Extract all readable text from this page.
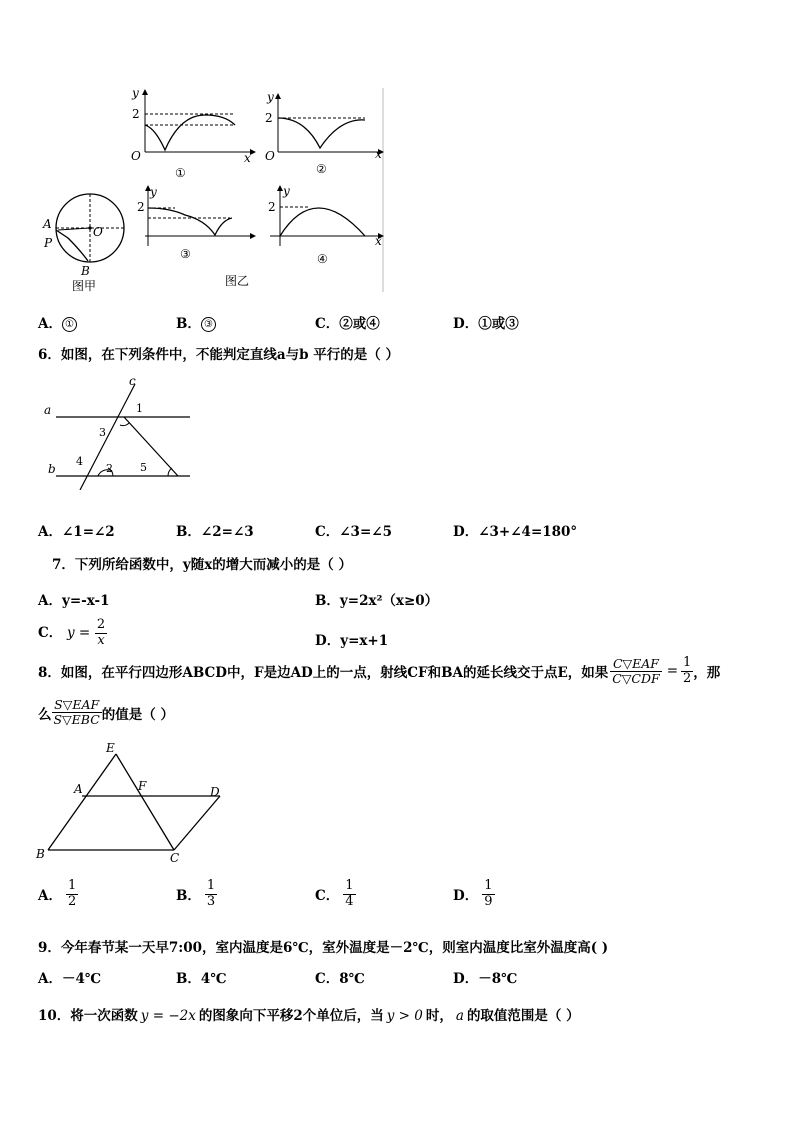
y
2
O	x
①
y
2
O	x
②
A
P
O
B
图甲
y
2
③
y
2
x
④
图乙
A． ①	B． ③	C．②或④	D．①或③
6．如图，在下列条件中，不能判定直线a与b 平行的是（ ）
c
a
b
1
2
3
4	5
A．∠1=∠2	B．∠2=∠3	C．∠3=∠5	D．∠3+∠4=180°
7．下列所给函数中，y随x的增大而减小的是（ ）
A．y=-x-1	B．y=2x²（x≥0）
C． $y = \frac{2}{x}$	D．y=x+1
8．如图，在平行四边形ABCD中，F是边AD上的一点，射线CF和BA的延长线交于点E，如果 $\frac{\text{C▽EAF}}{\text{C▽CDF}} = \frac{1}{2}$ ，那
么 $\frac{\text{S▽EAF}}{\text{S▽EBC}}$ 的值是（ ）
E
A	F	D
B	C
A． $\frac{1}{2}$	B． $\frac{1}{3}$	C． $\frac{1}{4}$	D． $\frac{1}{9}$
9．今年春节某一天早7:00，室内温度是6℃，室外温度是－2℃，则室内温度比室外温度高( )
A．－4℃	B．4℃	C．8℃	D．－8℃
10．将一次函数 y = −2x 的图象向下平移2个单位后，当 y > 0 时， a 的取值范围是（ ）
